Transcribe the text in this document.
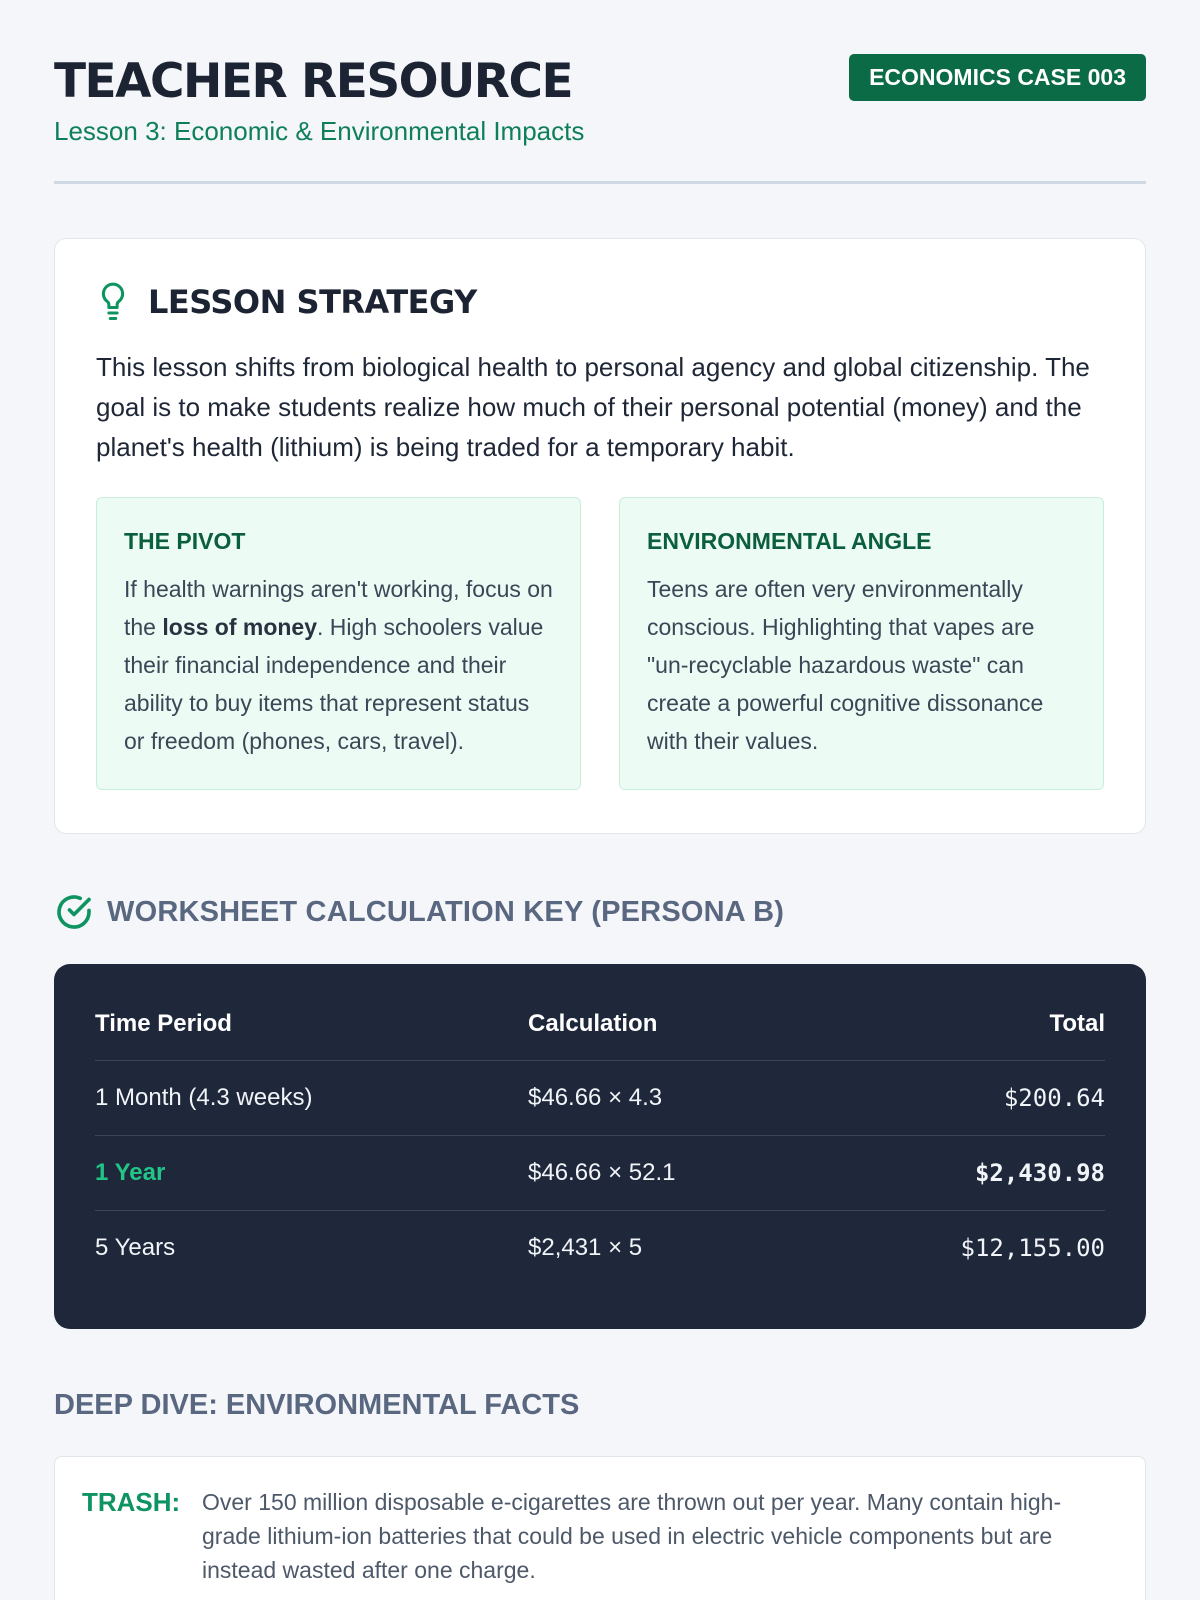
TEACHER RESOURCE
Lesson 3: Economic & Environmental Impacts
ECONOMICS CASE 003
LESSON STRATEGY

This lesson shifts from biological health to personal agency and global citizenship. The goal is to make students realize how much of their personal potential (money) and the planet's health (lithium) is being traded for a temporary habit.

THE PIVOT

If health warnings aren't working, focus on the loss of money. High schoolers value their financial independence and their ability to buy items that represent status or freedom (phones, cars, travel).

ENVIRONMENTAL ANGLE

Teens are often very environmentally conscious. Highlighting that vapes are "un-recyclable hazardous waste" can create a powerful cognitive dissonance with their values.

WORKSHEET CALCULATION KEY (PERSONA B)
Time Period	Calculation	Total
1 Month (4.3 weeks)	$46.66 × 4.3	$200.64
1 Year	$46.66 × 52.1	$2,430.98
5 Years	$2,431 × 5	$12,155.00
DEEP DIVE: ENVIRONMENTAL FACTS
TRASH: Over 150 million disposable e-cigarettes are thrown out per year. Many contain high-grade lithium-ion batteries that could be used in electric vehicle components but are instead wasted after one charge.
